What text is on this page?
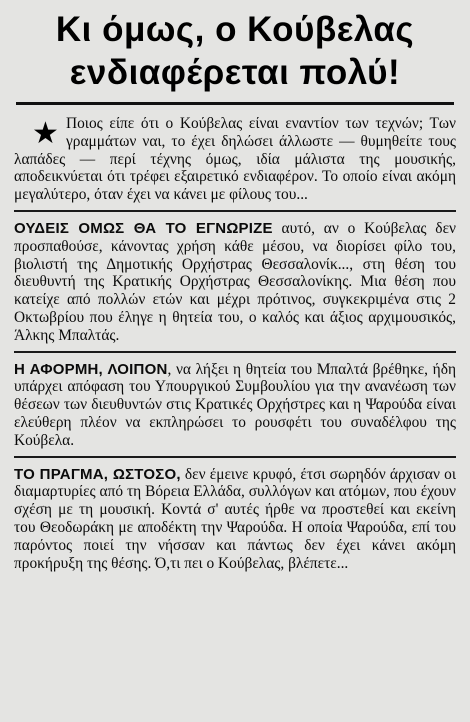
Κι όμως, ο Κούβελας
ενδιαφέρεται πολύ!

★ Ποιος είπε ότι ο Κούβελας είναι εναντίον των τεχνών; Των γραμμάτων ναι, το έχει δηλώσει άλλωστε — θυμηθείτε τους λαπάδες — περί τέχνης όμως, ιδία μάλιστα της μουσικής, αποδεικνύεται ότι τρέφει εξαιρετικό ενδιαφέρον. Το οποίο είναι ακόμη μεγαλύτερο, όταν έχει να κάνει με φίλους του...

ΟΥΔΕΙΣ ΟΜΩΣ ΘΑ ΤΟ ΕΓΝΩΡΙΖΕ αυτό, αν ο Κούβελας δεν προσπαθούσε, κάνοντας χρήση κάθε μέσου, να διορίσει φίλο του, βιολιστή της Δημοτικής Ορχήστρας Θεσσαλονίκ..., στη θέση του διευθυντή της Κρατικής Ορχήστρας Θεσσαλονίκης. Μια θέση που κατείχε από πολλών ετών και μέχρι πρότινος, συγκεκριμένα στις 2 Οκτωβρίου που έληγε η θητεία του, ο καλός και άξιος αρχιμουσικός, Άλκης Μπαλτάς.

Η ΑΦΟΡΜΗ, ΛΟΙΠΟΝ, να λήξει η θητεία του Μπαλτά βρέθηκε, ήδη υπάρχει απόφαση του Υπουργικού Συμβουλίου για την ανανέωση των θέσεων των διευθυντών στις Κρατικές Ορχήστρες και η Ψαρούδα είναι ελεύθερη πλέον να εκπληρώσει το ρουσφέτι του συναδέλφου της Κούβελα.

ΤΟ ΠΡΑΓΜΑ, ΩΣΤΟΣΟ, δεν έμεινε κρυφό, έτσι σωρηδόν άρχισαν οι διαμαρτυρίες από τη Βόρεια Ελλάδα, συλλόγων και ατόμων, που έχουν σχέση με τη μουσική. Κοντά σ' αυτές ήρθε να προστεθεί και εκείνη του Θεοδωράκη με αποδέκτη την Ψαρούδα. Η οποία Ψαρούδα, επί του παρόντος ποιεί την νήσσαν και πάντως δεν έχει κάνει ακόμη προκήρυξη της θέσης. Ό,τι πει ο Κούβελας, βλέπετε...
